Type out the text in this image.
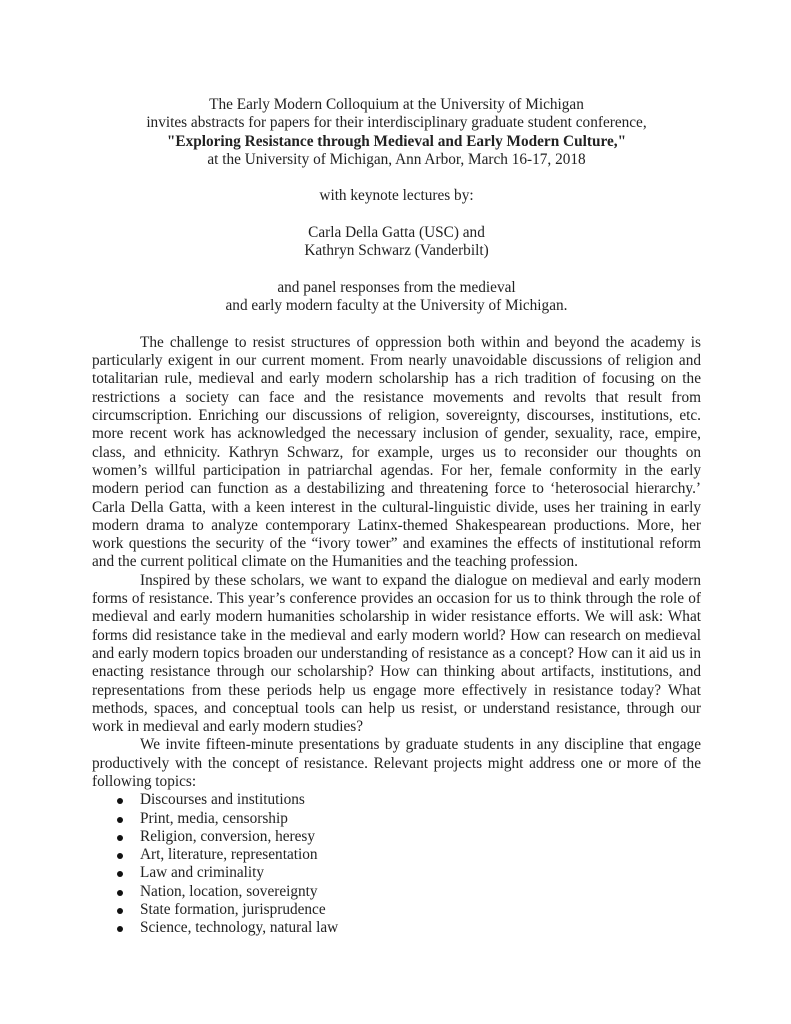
The Early Modern Colloquium at the University of Michigan

invites abstracts for papers for their interdisciplinary graduate student conference,

"Exploring Resistance through Medieval and Early Modern Culture,"

at the University of Michigan, Ann Arbor, March 16-17, 2018

with keynote lectures by:

Carla Della Gatta (USC) and

Kathryn Schwarz (Vanderbilt)

and panel responses from the medieval

and early modern faculty at the University of Michigan.

The challenge to resist structures of oppression both within and beyond the academy is particularly exigent in our current moment. From nearly unavoidable discussions of religion and totalitarian rule, medieval and early modern scholarship has a rich tradition of focusing on the restrictions a society can face and the resistance movements and revolts that result from circumscription. Enriching our discussions of religion, sovereignty, discourses, institutions, etc. more recent work has acknowledged the necessary inclusion of gender, sexuality, race, empire, class, and ethnicity. Kathryn Schwarz, for example, urges us to reconsider our thoughts on women’s willful participation in patriarchal agendas. For her, female conformity in the early modern period can function as a destabilizing and threatening force to ‘heterosocial hierarchy.’ Carla Della Gatta, with a keen interest in the cultural-linguistic divide, uses her training in early modern drama to analyze contemporary Latinx-themed Shakespearean productions. More, her work questions the security of the “ivory tower” and examines the effects of institutional reform and the current political climate on the Humanities and the teaching profession.

Inspired by these scholars, we want to expand the dialogue on medieval and early modern forms of resistance. This year’s conference provides an occasion for us to think through the role of medieval and early modern humanities scholarship in wider resistance efforts. We will ask: What forms did resistance take in the medieval and early modern world? How can research on medieval and early modern topics broaden our understanding of resistance as a concept? How can it aid us in enacting resistance through our scholarship? How can thinking about artifacts, institutions, and representations from these periods help us engage more effectively in resistance today? What methods, spaces, and conceptual tools can help us resist, or understand resistance, through our work in medieval and early modern studies?

We invite fifteen-minute presentations by graduate students in any discipline that engage productively with the concept of resistance. Relevant projects might address one or more of the following topics:

Discourses and institutions
Print, media, censorship
Religion, conversion, heresy
Art, literature, representation
Law and criminality
Nation, location, sovereignty
State formation, jurisprudence
Science, technology, natural law
